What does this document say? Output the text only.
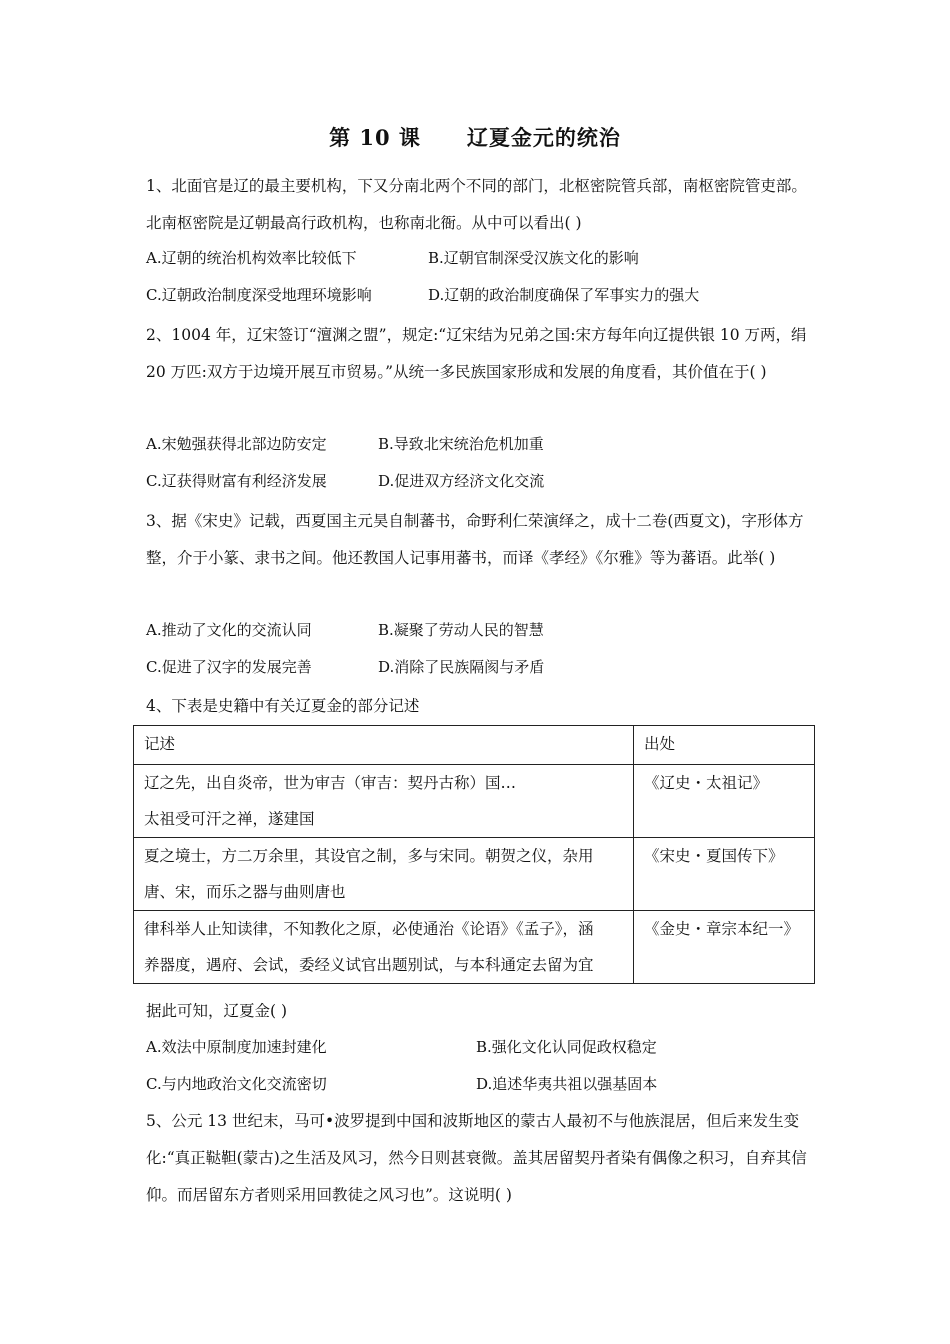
第 10 课 辽夏金元的统治
1、北面官是辽的最主要机构，下又分南北两个不同的部门，北枢密院管兵部，南枢密院管吏部。北南枢密院是辽朝最高行政机构，也称南北衙。从中可以看出( )
A.辽朝的统治机构效率比较低下	B.辽朝官制深受汉族文化的影响
C.辽朝政治制度深受地理环境影响	D.辽朝的政治制度确保了军事实力的强大
2、1004 年，辽宋签订“澶渊之盟”，规定:“辽宋结为兄弟之国:宋方每年向辽提供银 10 万两，绢 20 万匹:双方于边境开展互市贸易。”从统一多民族国家形成和发展的角度看，其价值在于( )
A.宋勉强获得北部边防安定	B.导致北宋统治危机加重
C.辽获得财富有利经济发展	D.促进双方经济文化交流
3、据《宋史》记载，西夏国主元昊自制蕃书，命野利仁荣演绎之，成十二卷(西夏文)，字形体方整，介于小篆、隶书之间。他还教国人记事用蕃书，而译《孝经》《尔雅》等为蕃语。此举( )
A.推动了文化的交流认同	B.凝聚了劳动人民的智慧
C.促进了汉字的发展完善	D.消除了民族隔阂与矛盾
4、下表是史籍中有关辽夏金的部分记述
记述	出处

辽之先，出自炎帝，世为审吉（审吉：契丹古称）国…
太祖受可汗之禅，遂建国	《辽史・太祖记》

夏之境士，方二万余里，其设官之制，多与宋同。朝贺之仪，杂用
唐、宋，而乐之器与曲则唐也	《宋史・夏国传下》

律科举人止知读律，不知教化之原，必使通治《论语》《孟子》，涵
养器度，遇府、会试，委经义试官出题别试，与本科通定去留为宜	《金史・章宗本纪一》
据此可知，辽夏金( )
A.效法中原制度加速封建化	B.强化文化认同促政权稳定
C.与内地政治文化交流密切	D.追述华夷共祖以强基固本
5、公元 13 世纪末，马可•波罗提到中国和波斯地区的蒙古人最初不与他族混居，但后来发生变化:“真正鞑靼(蒙古)之生活及风习，然今日则甚衰微。盖其居留契丹者染有偶像之积习，自弃其信仰。而居留东方者则采用回教徒之风习也”。这说明( )
